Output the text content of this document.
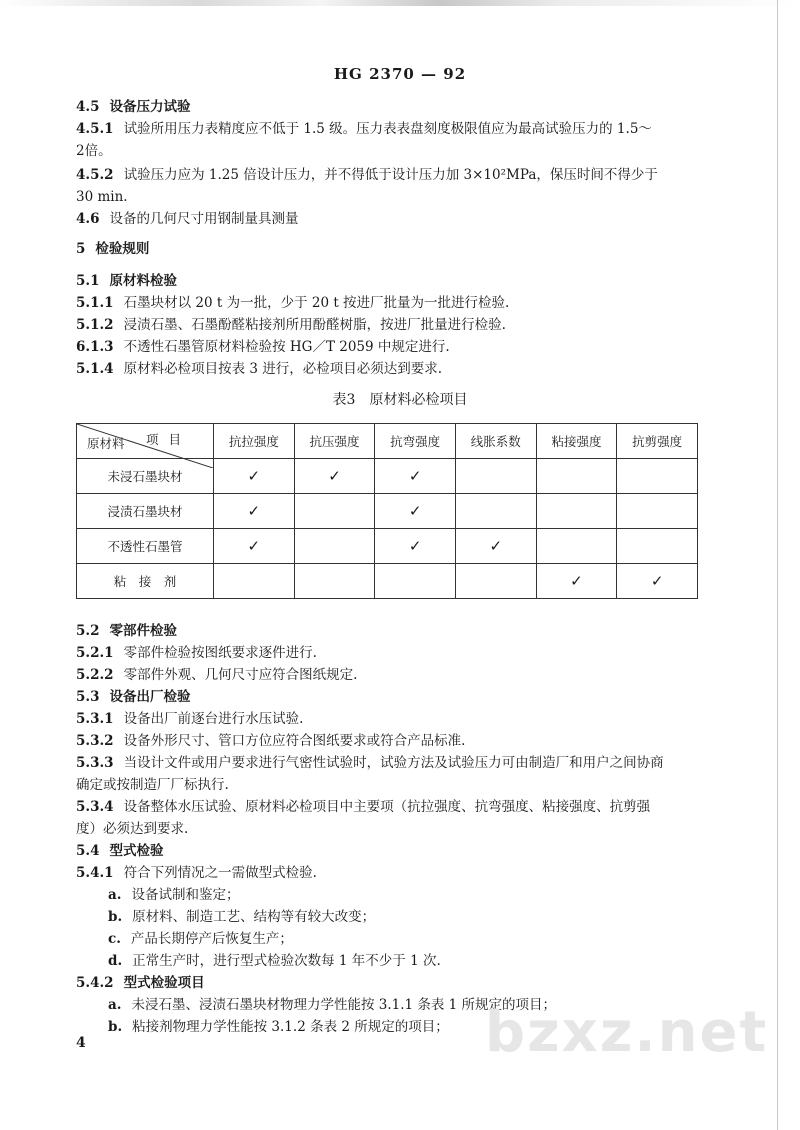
HG 2370 — 92
4.5 设备压力试验
4.5.1 试验所用压力表精度应不低于 1.5 级。压力表表盘刻度极限值应为最高试验压力的 1.5～
2倍。
4.5.2 试验压力应为 1.25 倍设计压力，并不得低于设计压力加 3×10²MPa，保压时间不得少于
30 min.
4.6 设备的几何尺寸用钢制量具测量
5 检验规则
5.1 原材料检验
5.1.1 石墨块材以 20 t 为一批，少于 20 t 按进厂批量为一批进行检验.
5.1.2 浸渍石墨、石墨酚醛粘接剂所用酚醛树脂，按进厂批量进行检验.
6.1.3 不透性石墨管原材料检验按 HG／T 2059 中规定进行.
5.1.4 原材料必检项目按表 3 进行，必检项目必须达到要求.
表3　原材料必检项目
项目
原材料	抗拉强度	抗压强度	抗弯强度	线胀系数	粘接强度	抗剪强度
未浸石墨块材	✓	✓	✓			
浸渍石墨块材	✓		✓			
不透性石墨管	✓		✓	✓		
粘　接　剂					✓	✓
5.2 零部件检验
5.2.1 零部件检验按图纸要求逐件进行.
5.2.2 零部件外观、几何尺寸应符合图纸规定.
5.3 设备出厂检验
5.3.1 设备出厂前逐台进行水压试验.
5.3.2 设备外形尺寸、管口方位应符合图纸要求或符合产品标准.
5.3.3 当设计文件或用户要求进行气密性试验时，试验方法及试验压力可由制造厂和用户之间协商
确定或按制造厂厂标执行.
5.3.4 设备整体水压试验、原材料必检项目中主要项（抗拉强度、抗弯强度、粘接强度、抗剪强
度）必须达到要求.
5.4 型式检验
5.4.1 符合下列情况之一需做型式检验.
a. 设备试制和鉴定；
b. 原材料、制造工艺、结构等有较大改变；
c. 产品长期停产后恢复生产；
d. 正常生产时，进行型式检验次数每 1 年不少于 1 次.
5.4.2 型式检验项目
a. 未浸石墨、浸渍石墨块材物理力学性能按 3.1.1 条表 1 所规定的项目；
b. 粘接剂物理力学性能按 3.1.2 条表 2 所规定的项目； bzxz.net
4
